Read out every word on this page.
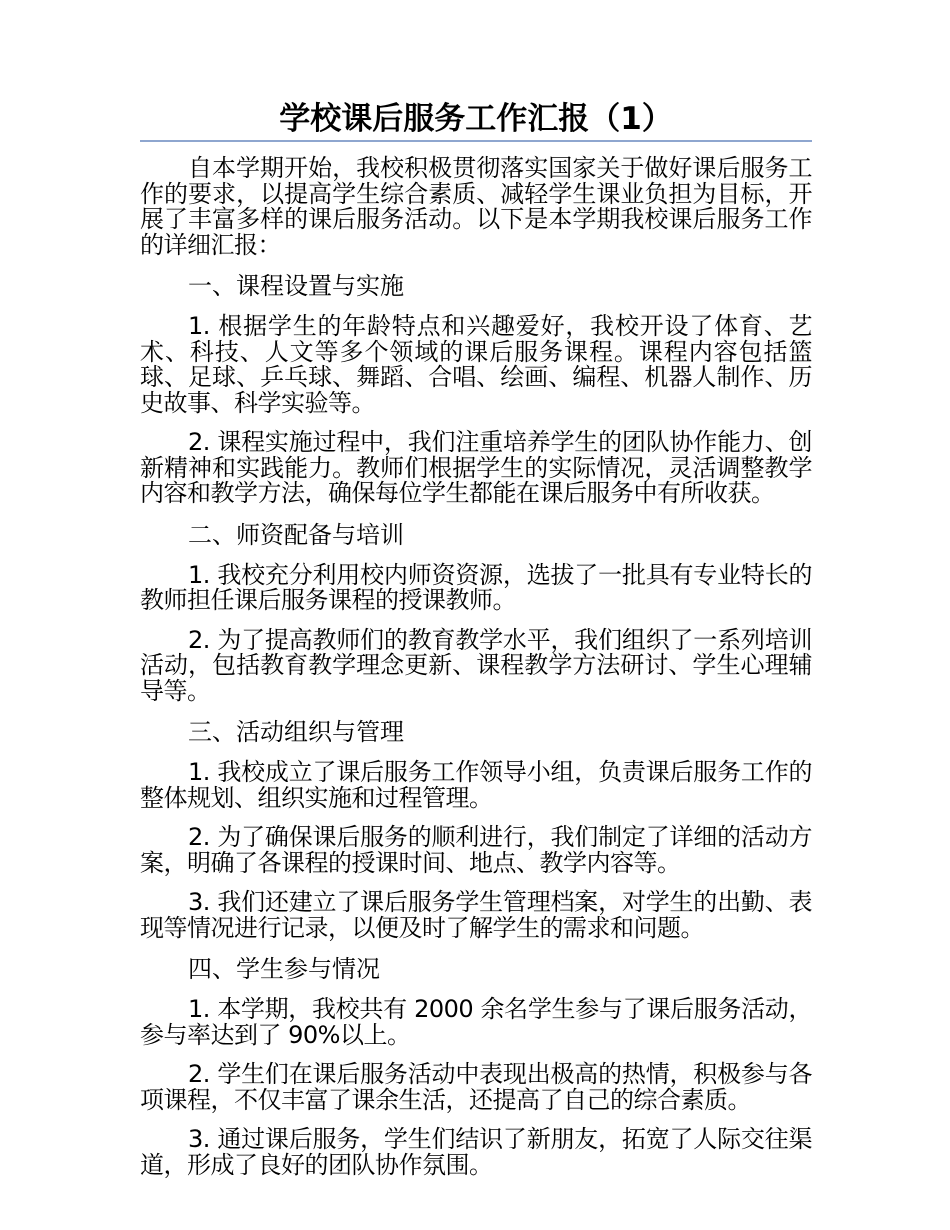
学校课后服务工作汇报（1）

自本学期开始，我校积极贯彻落实国家关于做好课后服务工作的要求，以提高学生综合素质、减轻学生课业负担为目标，开展了丰富多样的课后服务活动。以下是本学期我校课后服务工作的详细汇报：

一、课程设置与实施

1. 根据学生的年龄特点和兴趣爱好，我校开设了体育、艺术、科技、人文等多个领域的课后服务课程。课程内容包括篮球、足球、乒乓球、舞蹈、合唱、绘画、编程、机器人制作、历史故事、科学实验等。

2. 课程实施过程中，我们注重培养学生的团队协作能力、创新精神和实践能力。教师们根据学生的实际情况，灵活调整教学内容和教学方法，确保每位学生都能在课后服务中有所收获。

二、师资配备与培训

1. 我校充分利用校内师资资源，选拔了一批具有专业特长的教师担任课后服务课程的授课教师。

2. 为了提高教师们的教育教学水平，我们组织了一系列培训活动，包括教育教学理念更新、课程教学方法研讨、学生心理辅导等。

三、活动组织与管理

1. 我校成立了课后服务工作领导小组，负责课后服务工作的整体规划、组织实施和过程管理。

2. 为了确保课后服务的顺利进行，我们制定了详细的活动方案，明确了各课程的授课时间、地点、教学内容等。

3. 我们还建立了课后服务学生管理档案，对学生的出勤、表现等情况进行记录，以便及时了解学生的需求和问题。

四、学生参与情况

1. 本学期，我校共有 2000 余名学生参与了课后服务活动，参与率达到了 90%以上。

2. 学生们在课后服务活动中表现出极高的热情，积极参与各项课程，不仅丰富了课余生活，还提高了自己的综合素质。

3. 通过课后服务，学生们结识了新朋友，拓宽了人际交往渠道，形成了良好的团队协作氛围。
